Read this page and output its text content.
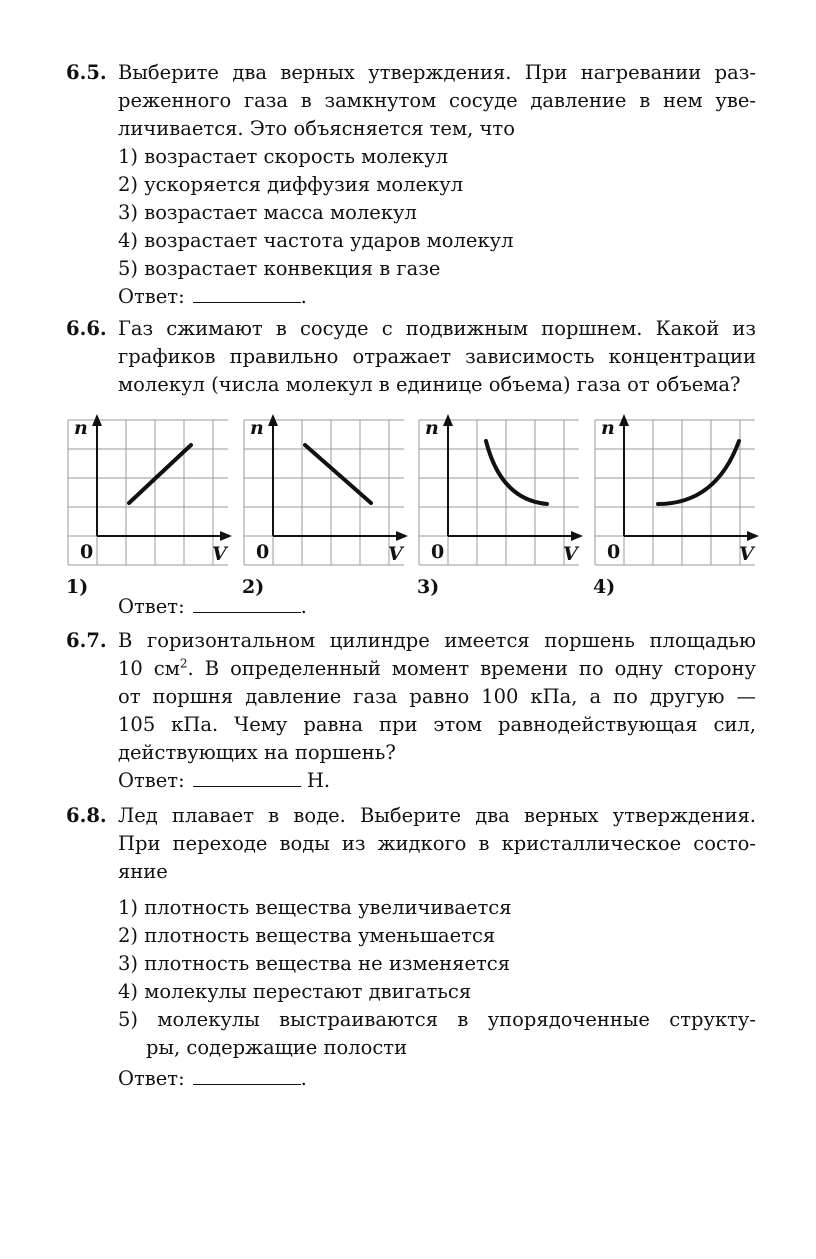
6.5. Выберите два верных утверждения. При нагревании раз-
реженного газа в замкнутом сосуде давление в нем уве-
личивается. Это объясняется тем, что
1) возрастает скорость молекул
2) ускоряется диффузия молекул
3) возрастает масса молекул
4) возрастает частота ударов молекул
5) возрастает конвекция в газе
Ответ:	.
6.6. Газ сжимают в сосуде с подвижным поршнем. Какой из
графиков правильно отражает зависимость концентрации
молекул (числа молекул в единице объема) газа от объема?
n
0	V
n
0	V
n
0	V
n
0	V
1)	2)	3)	4)
Ответ:	.
6.7. В горизонтальном цилиндре имеется поршень площадью
10 $см^2$. В определенный момент времени по одну сторону
от поршня давление газа равно 100 кПа, а по другую —
105 кПа. Чему равна при этом равнодействующая сил,
действующих на поршень?
Ответ:	Н.
6.8. Лед плавает в воде. Выберите два верных утверждения.
При переходе воды из жидкого в кристаллическое состо-
яние
1) плотность вещества увеличивается
2) плотность вещества уменьшается
3) плотность вещества не изменяется
4) молекулы перестают двигаться
5) молекулы выстраиваются в упорядоченные структу-
ры, содержащие полости
Ответ:	.
